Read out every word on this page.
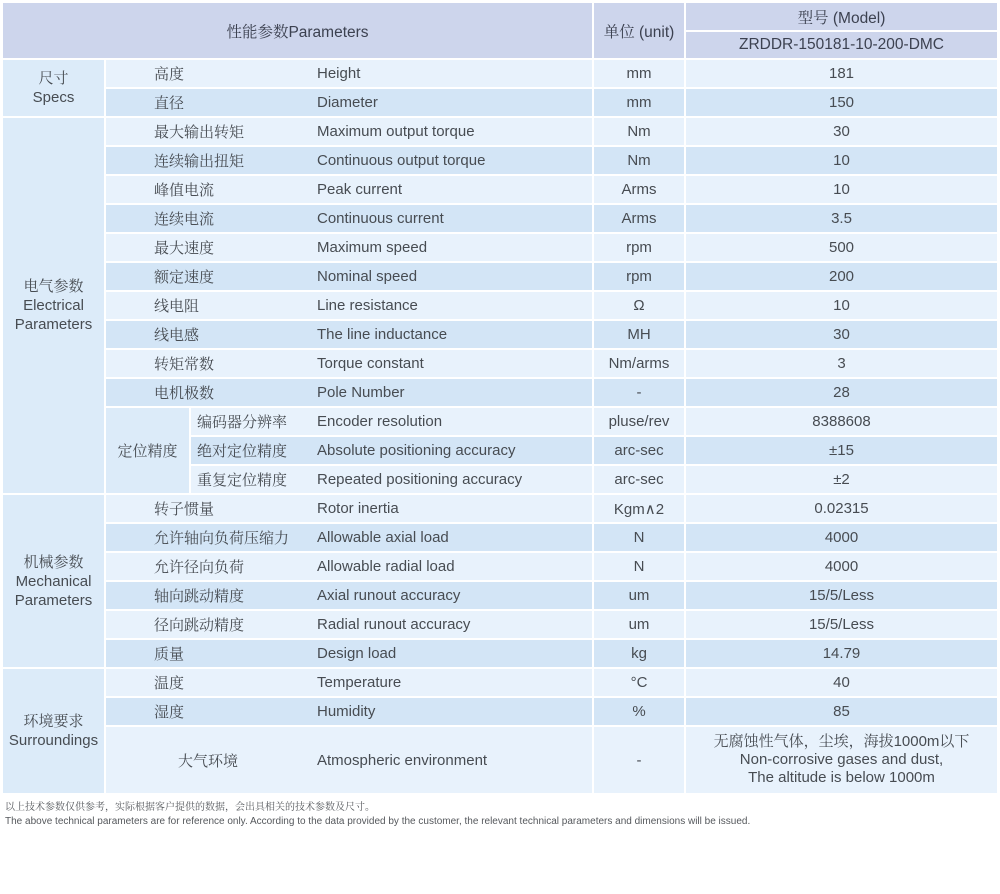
性能参数Parameters				单位 (unit)	型号 (Model)
					ZRDDR-150181-10-200-DMC

尺寸
Specs	高度		Height	mm	181
	直径		Diameter	mm	150

电气参数
Electrical
Parameters	最大输出转矩		Maximum output torque	Nm	30
	连续输出扭矩		Continuous output torque	Nm	10
	峰值电流		Peak current	Arms	10
	连续电流		Continuous current	Arms	3.5
	最大速度		Maximum speed	rpm	500
	额定速度		Nominal speed	rpm	200
	线电阻		Line resistance	Ω	10
	线电感		The line inductance	MH	30
	转矩常数		Torque constant	Nm/arms	3
	电机极数		Pole Number	-	28
	定位精度	编码器分辨率	Encoder resolution	pluse/rev	8388608
		绝对定位精度	Absolute positioning accuracy	arc-sec	±15
		重复定位精度	Repeated positioning accuracy	arc-sec	±2

机械参数
Mechanical
Parameters	转子惯量		Rotor inertia	Kgm∧2	0.02315
	允许轴向负荷压缩力		Allowable axial load	N	4000
	允许径向负荷		Allowable radial load	N	4000
	轴向跳动精度		Axial runout accuracy	um	15/5/Less
	径向跳动精度		Radial runout accuracy	um	15/5/Less
	质量		Design load	kg	14.79

环境要求
Surroundings	温度		Temperature	°C	40
	湿度		Humidity	%	85
	大气环境		Atmospheric environment	-	无腐蚀性气体，尘埃，海拔1000m以下
Non-corrosive gases and dust,
The altitude is below 1000m
以上技术参数仅供参考，实际根据客户提供的数据，会出具相关的技术参数及尺寸。
The above technical parameters are for reference only. According to the data provided by the customer, the relevant technical parameters and dimensions will be issued.
